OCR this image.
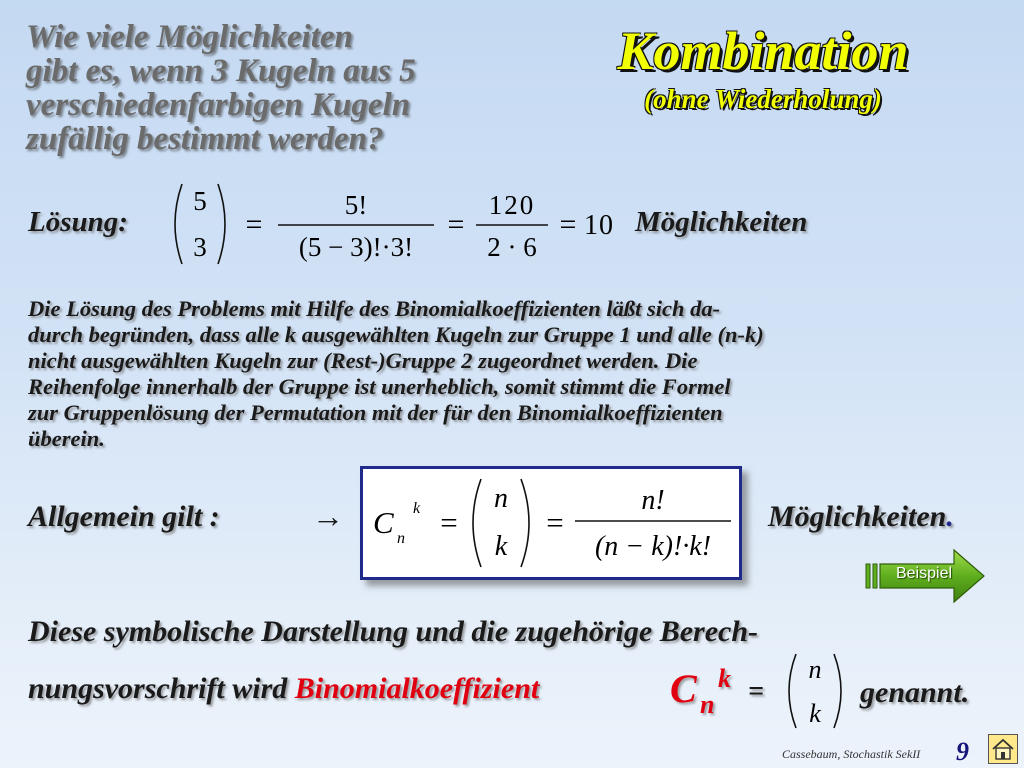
Wie viele Möglichkeiten
gibt es, wenn 3 Kugeln aus 5
verschiedenfarbigen Kugeln
zufällig bestimmt werden?
Kombination
(ohne Wiederholung)
Lösung:
5
3
=
5!
(5 − 3)!·3!
=
120
2 · 6
= 10 Möglichkeiten
Die Lösung des Problems mit Hilfe des Binomialkoeffizienten läßt sich da-
durch begründen, dass alle k ausgewählten Kugeln zur Gruppe 1 und alle (n-k)
nicht ausgewählten Kugeln zur (Rest-)Gruppe 2 zugeordnet werden. Die
Reihenfolge innerhalb der Gruppe ist unerheblich, somit stimmt die Formel
zur Gruppenlösung der Permutation mit der für den Binomialkoeffizienten
überein.
Allgemein gilt :	→ C n
k =
n
k
=
n!
(n − k)!·k!
Möglichkeiten.
Beispiel
Diese symbolische Darstellung und die zugehörige Berech-
nungsvorschrift wird Binomialkoeffizient	C n
k =
n
k
genannt.
Cassebaum, Stochastik SekII 9
